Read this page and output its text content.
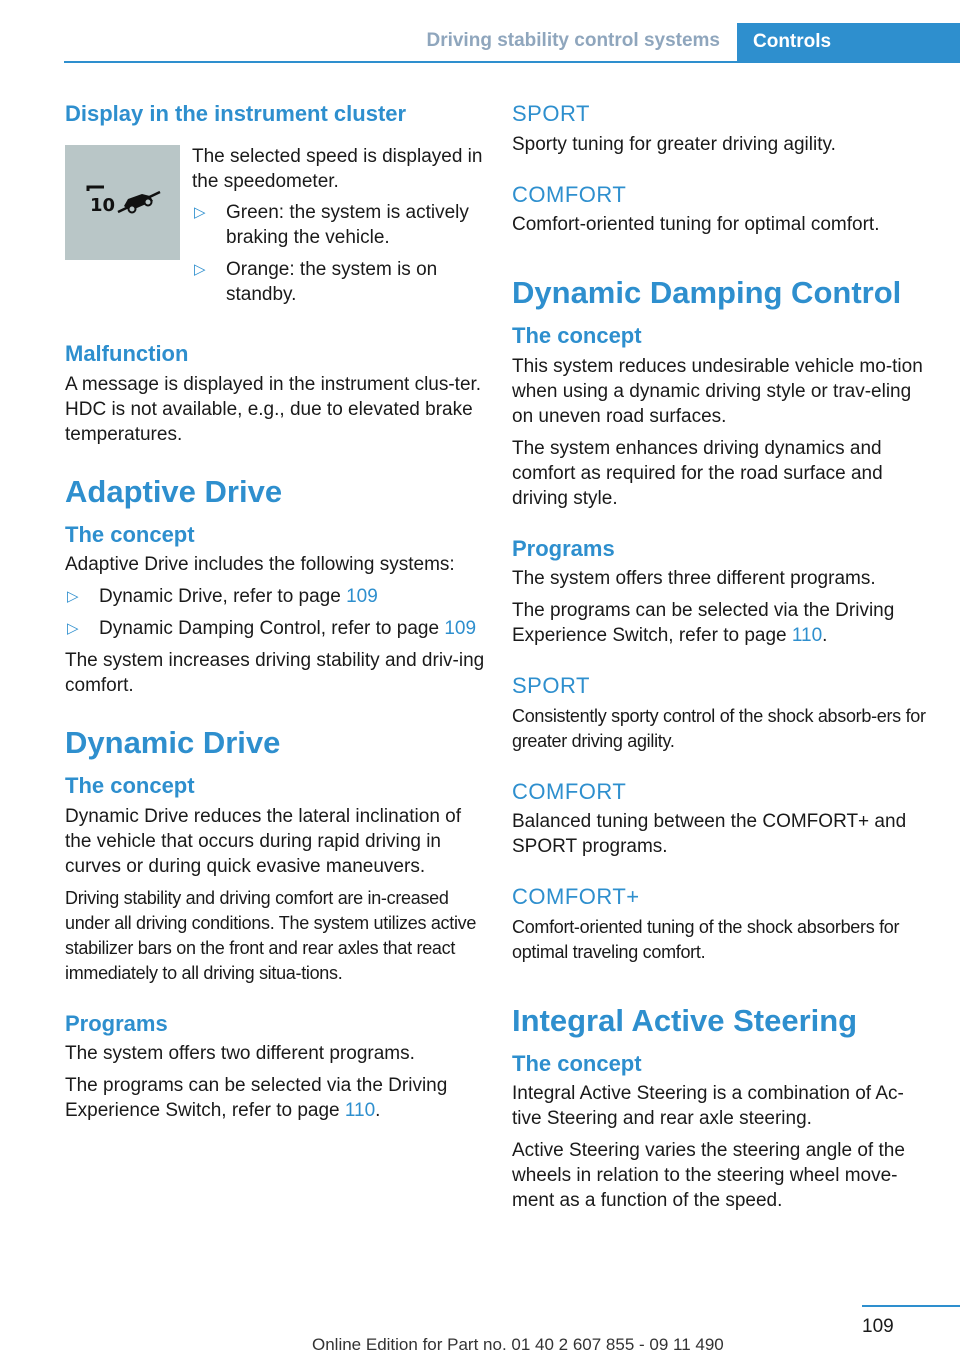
Driving stability control systems	Controls
Display in the instrument cluster
10

The selected speed is displayed in the speedometer.

▷ Green: the system is actively braking the vehicle.
▷ Orange: the system is on standby.
Malfunction

A message is displayed in the instrument clus-ter. HDC is not available, e.g., due to elevated brake temperatures.

Adaptive Drive
The concept

Adaptive Drive includes the following systems:

▷ Dynamic Drive, refer to page 109
▷ Dynamic Damping Control, refer to page 109

The system increases driving stability and driv-ing comfort.

Dynamic Drive
The concept

Dynamic Drive reduces the lateral inclination of the vehicle that occurs during rapid driving in curves or during quick evasive maneuvers.

Driving stability and driving comfort are in-creased under all driving conditions. The system utilizes active stabilizer bars on the front and rear axles that react immediately to all driving situa-tions.

Programs

The system offers two different programs.

The programs can be selected via the Driving Experience Switch, refer to page 110.

SPORT

Sporty tuning for greater driving agility.

COMFORT

Comfort-oriented tuning for optimal comfort.

Dynamic Damping Control
The concept

This system reduces undesirable vehicle mo-tion when using a dynamic driving style or trav-eling on uneven road surfaces.

The system enhances driving dynamics and comfort as required for the road surface and driving style.

Programs

The system offers three different programs.

The programs can be selected via the Driving Experience Switch, refer to page 110.

SPORT

Consistently sporty control of the shock absorb-ers for greater driving agility.

COMFORT

Balanced tuning between the COMFORT+ and SPORT programs.

COMFORT+

Comfort-oriented tuning of the shock absorbers for optimal traveling comfort.

Integral Active Steering
The concept

Integral Active Steering is a combination of Ac-tive Steering and rear axle steering.

Active Steering varies the steering angle of the wheels in relation to the steering wheel move-ment as a function of the speed.

109
Online Edition for Part no. 01 40 2 607 855 - 09 11 490
